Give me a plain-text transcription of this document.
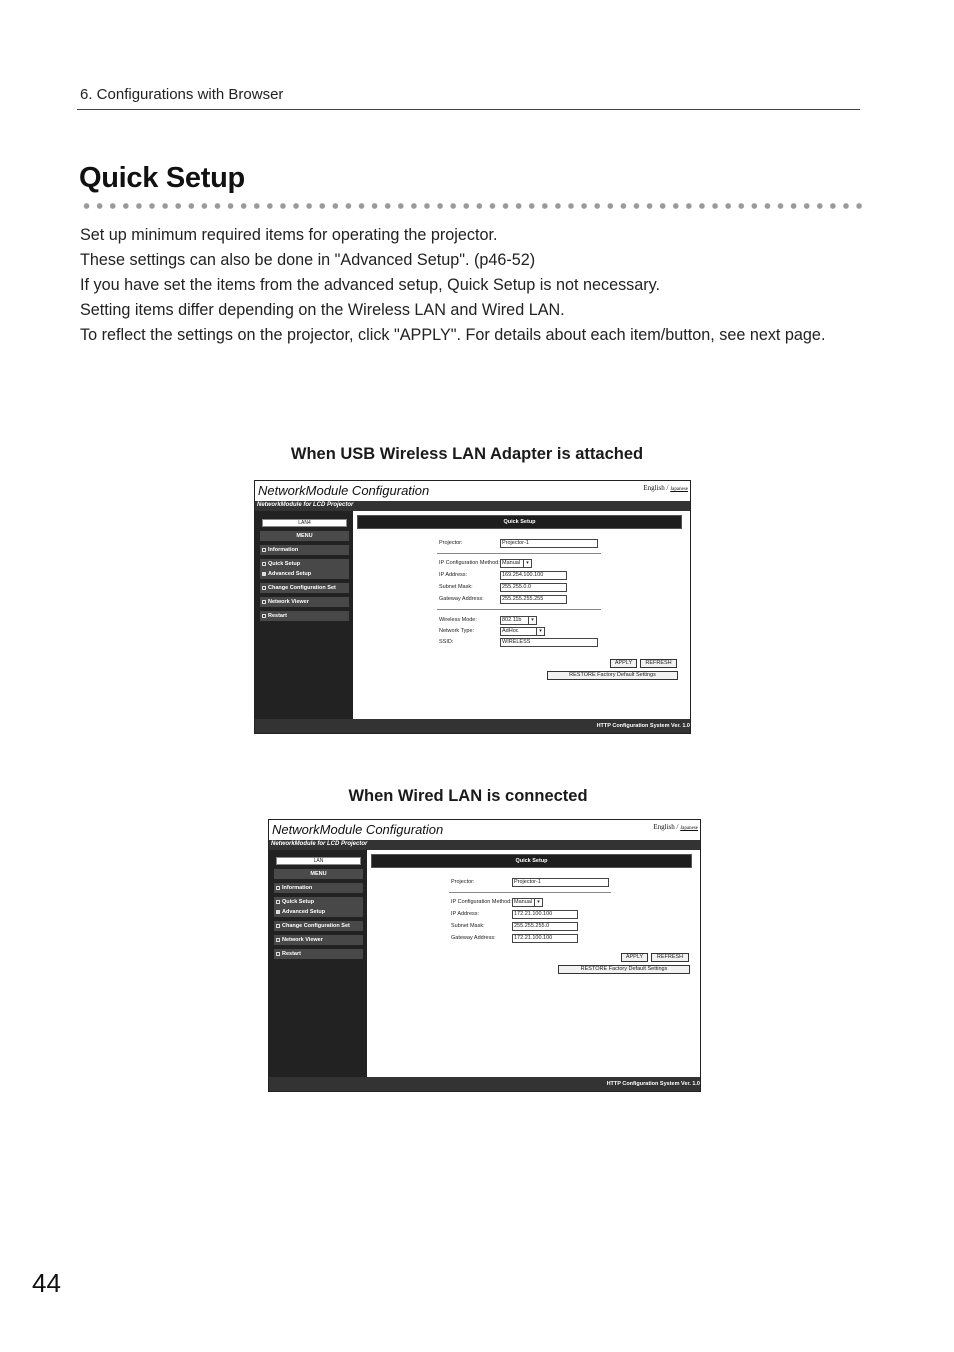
6. Configurations with Browser
Quick Setup

Set up minimum required items for operating the projector.

These settings can also be done in "Advanced Setup". (p46-52)

If you have set the items from the advanced setup, Quick Setup is not necessary.

Setting items differ depending on the Wireless LAN and Wired LAN.

To reflect the settings on the projector, click "APPLY". For details about each item/button, see next page.

When USB Wireless LAN Adapter is attached
NetworkModule Configuration	English / Japanese
NetworkModule for LCD Projector
LAN4
MENU
Information
Quick Setup
Advanced Setup
Change Configuration Set
Network Viewer
Restart
Quick Setup
Projector:	Projector-1
IP Configuration Method: Manual	▾
IP Address:	169.254.100.100
Subnet Mask:	255.255.0.0
Gateway Address:	255.255.255.255
Wireless Mode:	802.11b	▾
Network Type:	AdHoc	▾
SSID:	WIRELESS
APPLY	REFRESH
RESTORE Factory Default Settings
HTTP Configuration System Ver. 1.0
When Wired LAN is connected
NetworkModule Configuration	English / Japanese
NetworkModule for LCD Projector
LAN
MENU
Information
Quick Setup
Advanced Setup
Change Configuration Set
Network Viewer
Restart
Quick Setup
Projector:	Projector-1
IP Configuration Method: Manual	▾
IP Address:	172.21.100.100
Subnet Mask:	255.255.255.0
Gateway Address:	172.21.100.100
APPLY	REFRESH
RESTORE Factory Default Settings
HTTP Configuration System Ver. 1.0
44
